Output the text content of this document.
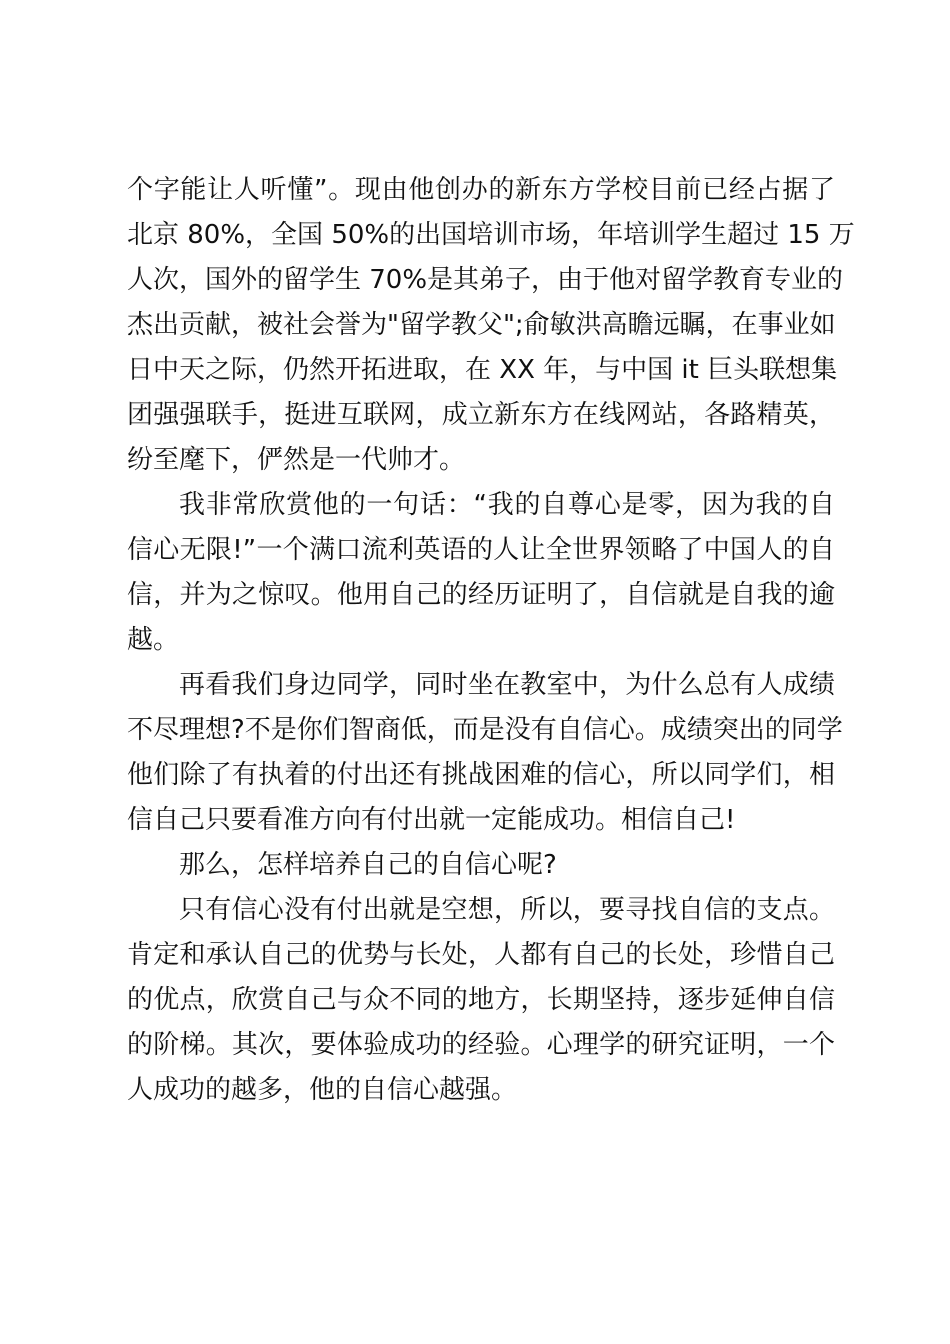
个字能让人听懂”。现由他创办的新东方学校目前已经占据了
北京 80%，全国 50%的出国培训市场，年培训学生超过 15 万
人次，国外的留学生 70%是其弟子，由于他对留学教育专业的
杰出贡献，被社会誉为"留学教父";俞敏洪高瞻远瞩，在事业如
日中天之际，仍然开拓进取，在 XX 年，与中国 it 巨头联想集
团强强联手，挺进互联网，成立新东方在线网站，各路精英，
纷至麾下，俨然是一代帅才。
我非常欣赏他的一句话：“我的自尊心是零，因为我的自
信心无限!”一个满口流利英语的人让全世界领略了中国人的自
信，并为之惊叹。他用自己的经历证明了，自信就是自我的逾
越。
再看我们身边同学，同时坐在教室中，为什么总有人成绩
不尽理想?不是你们智商低，而是没有自信心。成绩突出的同学
他们除了有执着的付出还有挑战困难的信心，所以同学们，相
信自己只要看准方向有付出就一定能成功。相信自己!
那么，怎样培养自己的自信心呢?
只有信心没有付出就是空想，所以，要寻找自信的支点。
肯定和承认自己的优势与长处，人都有自己的长处，珍惜自己
的优点，欣赏自己与众不同的地方，长期坚持，逐步延伸自信
的阶梯。其次，要体验成功的经验。心理学的研究证明，一个
人成功的越多，他的自信心越强。
